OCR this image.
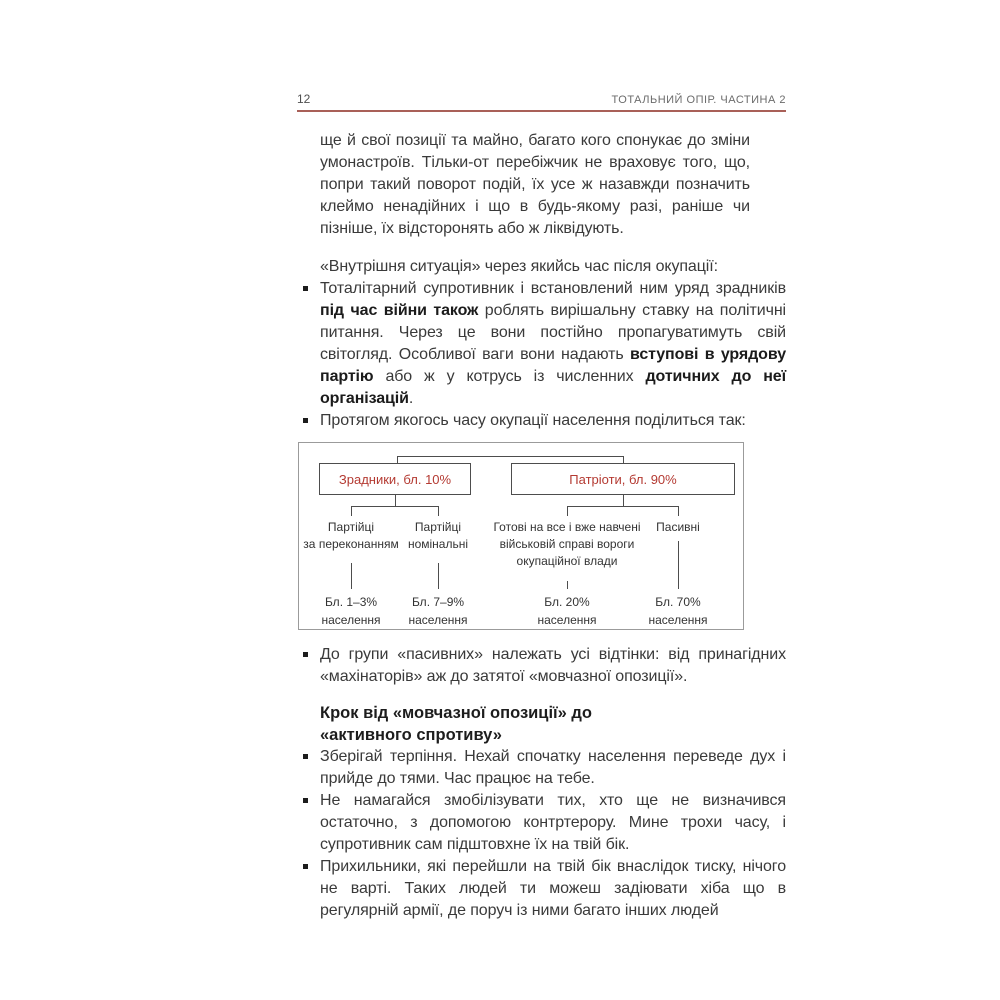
12	ТОТАЛЬНИЙ ОПІР. ЧАСТИНА 2

ще й свої позиції та майно, багато кого спонукає до зміни умонастроїв. Тільки-от перебіжчик не враховує того, що, попри такий поворот подій, їх усе ж назавжди позначить клеймо ненадійних і що в будь-якому разі, раніше чи пізніше, їх відсторонять або ж ліквідують.

«Внутрішня ситуація» через якийсь час після окупації:

Тоталітарний супротивник і встановлений ним уряд зрадників під час війни також роблять вирішальну ставку на політичні питання. Через це вони постійно пропагуватимуть свій світогляд. Особливої ваги вони надають вступові в урядову партію або ж у котрусь із численних дотичних до неї організацій.
Протягом якогось часу окупації населення поділиться так:
Зрадники, бл. 10%	Патріоти, бл. 90%
Партійці
за переконанням
Партійці
номінальні
Готові на все і вже навчені
військовій справі вороги
окупаційної влади
Пасивні
Бл. 1–3%
населення
Бл. 7–9%
населення
Бл. 20%
населення
Бл. 70%
населення
До групи «пасивних» належать усі відтінки: від принагідних «махінаторів» аж до затятої «мовчазної опозиції».
Крок від «мовчазної опозиції» до
«активного спротиву»
Зберігай терпіння. Нехай спочатку населення переведе дух і прийде до тями. Час працює на тебе.
Не намагайся змобілізувати тих, хто ще не визначився остаточно, з допомогою контртерору. Мине трохи часу, і супротивник сам підштовхне їх на твій бік.
Прихильники, які перейшли на твій бік внаслідок тиску, нічого не варті. Таких людей ти можеш задіювати хіба що в регулярній армії, де поруч із ними багато інших людей
